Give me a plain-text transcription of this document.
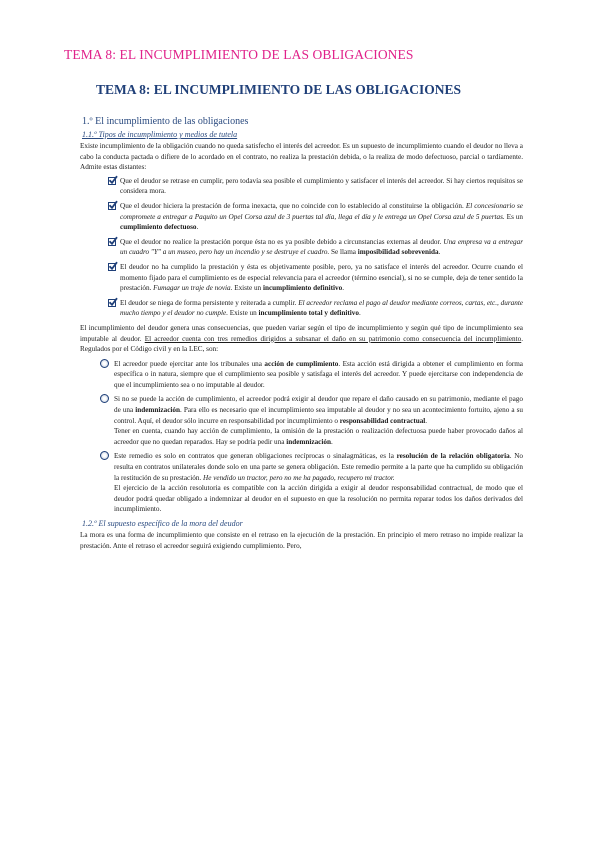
TEMA 8: EL INCUMPLIMIENTO DE LAS OBLIGACIONES
TEMA 8: EL INCUMPLIMIENTO DE LAS OBLIGACIONES
1.º El incumplimiento de las obligaciones
1.1.º Tipos de incumplimiento y medios de tutela

Existe incumplimiento de la obligación cuando no queda satisfecho el interés del acreedor. Es un supuesto de incumplimiento cuando el deudor no lleva a cabo la conducta pactada o difiere de lo acordado en el contrato, no realiza la prestación debida, o la realiza de modo defectuoso, parcial o tardíamente. Admite estas distantes:

Que el deudor se retrase en cumplir, pero todavía sea posible el cumplimiento y satisfacer el interés del acreedor. Si hay ciertos requisitos se considera mora.
Que el deudor hiciera la prestación de forma inexacta, que no coincide con lo establecido al constituirse la obligación. El concesionario se compromete a entregar a Paquito un Opel Corsa azul de 3 puertas tal día, llega el día y le entrega un Opel Corsa azul de 5 puertas. Es un cumplimiento defectuoso.
Que el deudor no realice la prestación porque ésta no es ya posible debido a circunstancias externas al deudor. Una empresa va a entregar un cuadro "Y" a un museo, pero hay un incendio y se destruye el cuadro. Se llama imposibilidad sobrevenida.
El deudor no ha cumplido la prestación y ésta es objetivamente posible, pero, ya no satisface el interés del acreedor. Ocurre cuando el momento fijado para el cumplimiento es de especial relevancia para el acreedor (término esencial), si no se cumple, deja de tener sentido la prestación. Fumagar un traje de novia. Existe un incumplimiento definitivo.
El deudor se niega de forma persistente y reiterada a cumplir. El acreedor reclama el pago al deudor mediante correos, cartas, etc., durante mucho tiempo y el deudor no cumple. Existe un incumplimiento total y definitivo.

El incumplimiento del deudor genera unas consecuencias, que pueden variar según el tipo de incumplimiento y según qué tipo de incumplimiento sea imputable al deudor. El acreedor cuenta con tres remedios dirigidos a subsanar el daño en su patrimonio como consecuencia del incumplimiento. Regulados por el Código civil y en la LEC, son:

El acreedor puede ejercitar ante los tribunales una acción de cumplimiento. Esta acción está dirigida a obtener el cumplimiento en forma específica o in natura, siempre que el cumplimiento sea posible y satisfaga el interés del acreedor. Y puede ejercitarse con independencia de que el incumplimiento sea o no imputable al deudor.

Si no se puede la acción de cumplimiento, el acreedor podrá exigir al deudor que repare el daño causado en su patrimonio, mediante el pago de una indemnización. Para ello es necesario que el incumplimiento sea imputable al deudor y no sea un acontecimiento fortuito, ajeno a su control. Aquí, el deudor sólo incurre en responsabilidad por incumplimiento o responsabilidad contractual.

Tener en cuenta, cuando hay acción de cumplimiento, la omisión de la prestación o realización defectuosa puede haber provocado daños al acreedor que no quedan reparados. Hay se podría pedir una indemnización.

Este remedio es solo en contratos que generan obligaciones recíprocas o sinalagmáticas, es la resolución de la relación obligatoria. No resulta en contratos unilaterales donde solo en una parte se genera obligación. Este remedio permite a la parte que ha cumplido su obligación la restitución de su prestación. He vendido un tractor, pero no me ha pagado, recupero mi tractor.

El ejercicio de la acción resolutoria es compatible con la acción dirigida a exigir al deudor responsabilidad contractual, de modo que el deudor podrá quedar obligado a indemnizar al deudor en el supuesto en que la resolución no permita reparar todos los daños derivados del incumplimiento.

1.2.º El supuesto específico de la mora del deudor

La mora es una forma de incumplimiento que consiste en el retraso en la ejecución de la prestación. En principio el mero retraso no impide realizar la prestación. Ante el retraso el acreedor seguirá exigiendo cumplimiento. Pero,
